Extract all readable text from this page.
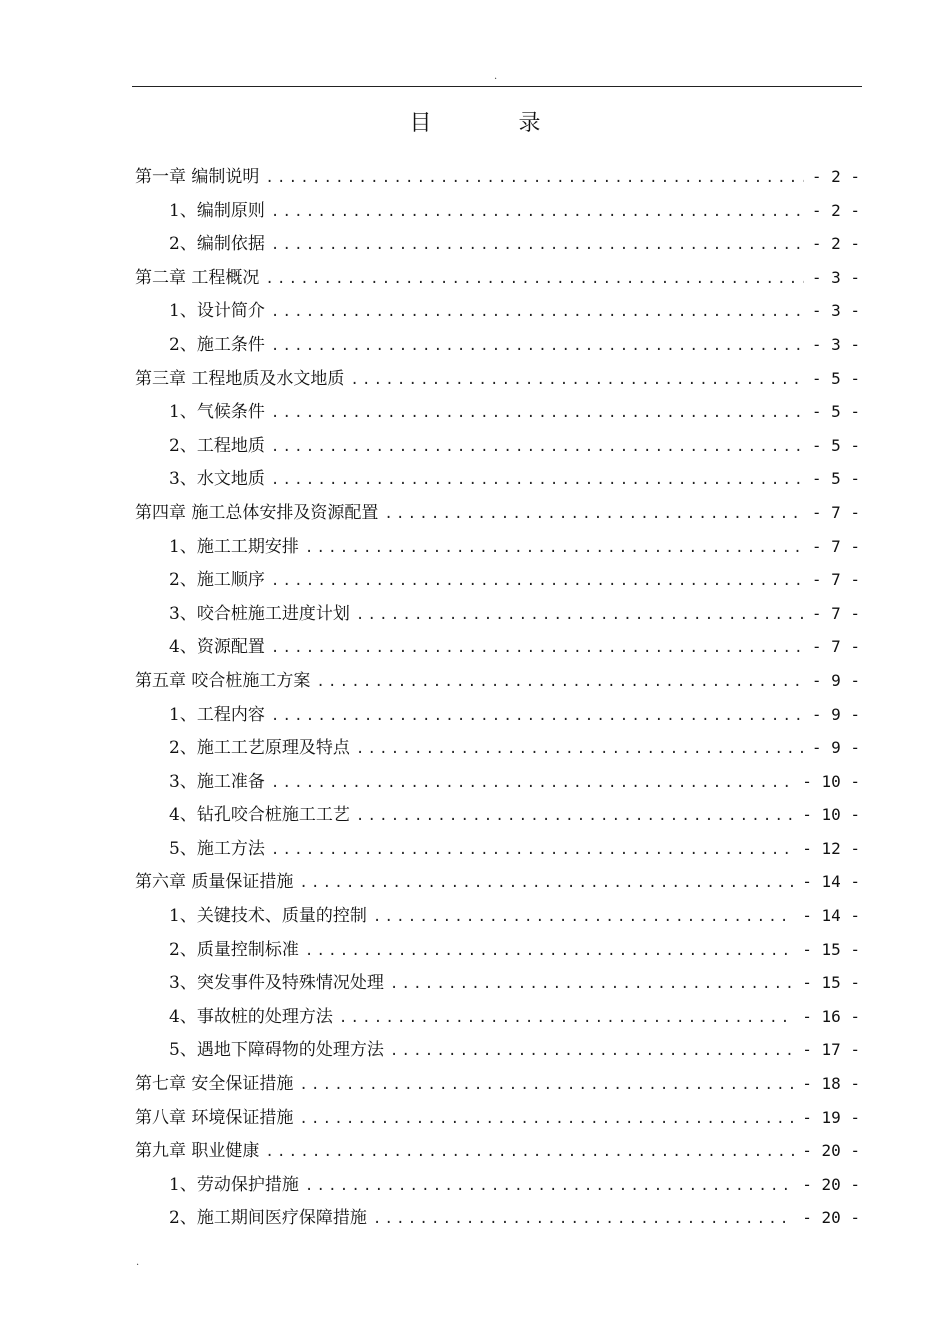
.
目 录
第一章 编制说明 .....	- 2 -
1、编制原则 .....	- 2 -
2、编制依据 .....	- 2 -
第二章 工程概况 .....	- 3 -
1、设计简介 .....	- 3 -
2、施工条件 .....	- 3 -
第三章 工程地质及水文地质 .....	- 5 -
1、气候条件 .....	- 5 -
2、工程地质 .....	- 5 -
3、水文地质 .....	- 5 -
第四章 施工总体安排及资源配置 .....	- 7 -
1、施工工期安排 .....	- 7 -
2、施工顺序 .....	- 7 -
3、咬合桩施工进度计划 .....	- 7 -
4、资源配置 .....	- 7 -
第五章 咬合桩施工方案 .....	- 9 -
1、工程内容 .....	- 9 -
2、施工工艺原理及特点 .....	- 9 -
3、施工准备 .....	- 10 -
4、钻孔咬合桩施工工艺 .....	- 10 -
5、施工方法 .....	- 12 -
第六章 质量保证措施 .....	- 14 -
1、关键技术、质量的控制 .....	- 14 -
2、质量控制标准 .....	- 15 -
3、突发事件及特殊情况处理 .....	- 15 -
4、事故桩的处理方法 .....	- 16 -
5、遇地下障碍物的处理方法 .....	- 17 -
第七章 安全保证措施 .....	- 18 -
第八章 环境保证措施 .....	- 19 -
第九章 职业健康 .....	- 20 -
1、劳动保护措施 .....	- 20 -
2、施工期间医疗保障措施 .....	- 20 -
.
